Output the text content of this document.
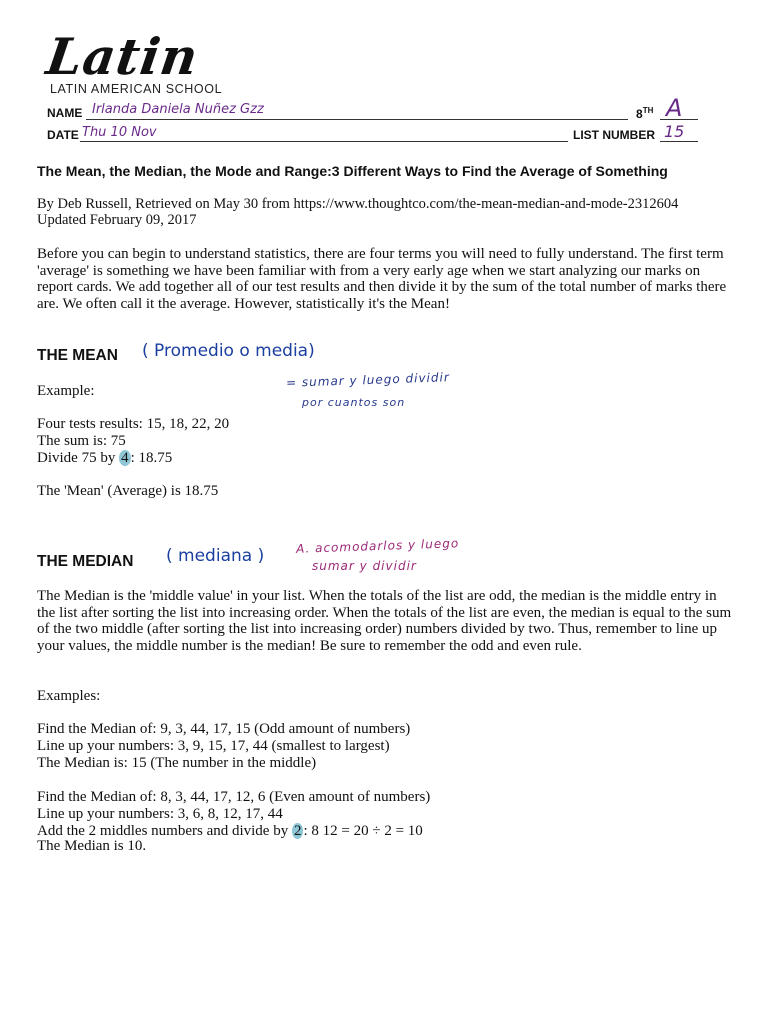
Latin
LATIN AMERICAN SCHOOL
NAME Irlanda Daniela Nuñez Gzz	8TH A
DATE Thu 10 Nov	LIST NUMBER 15
The Mean, the Median, the Mode and Range:3 Different Ways to Find the Average of Something
By Deb Russell, Retrieved on May 30 from https://www.thoughtco.com/the-mean-median-and-mode-2312604
Updated February 09, 2017
Before you can begin to understand statistics, there are four terms you will need to fully understand. The first term 'average' is something we have been familiar with from a very early age when we start analyzing our marks on report cards. We add together all of our test results and then divide it by the sum of the total number of marks there are. We often call it the average. However, statistically it's the Mean!
THE MEAN ( Promedio o media)
= sumar y luego dividir
por cuantos son
Example:
Four tests results: 15, 18, 22, 20
The sum is: 75
Divide 75 by 4 : 18.75
The 'Mean' (Average) is 18.75
THE MEDIAN ( mediana )	A. acomodarlos y luego
sumar y dividir
The Median is the 'middle value' in your list. When the totals of the list are odd, the median is the middle entry in the list after sorting the list into increasing order. When the totals of the list are even, the median is equal to the sum of the two middle (after sorting the list into increasing order) numbers divided by two. Thus, remember to line up your values, the middle number is the median! Be sure to remember the odd and even rule.
Examples:
Find the Median of: 9, 3, 44, 17, 15 (Odd amount of numbers)
Line up your numbers: 3, 9, 15, 17, 44 (smallest to largest)
The Median is: 15 (The number in the middle)
Find the Median of: 8, 3, 44, 17, 12, 6 (Even amount of numbers)
Line up your numbers: 3, 6, 8, 12, 17, 44
Add the 2 middles numbers and divide by 2 : 8 12 = 20 ÷ 2 = 10
The Median is 10.
